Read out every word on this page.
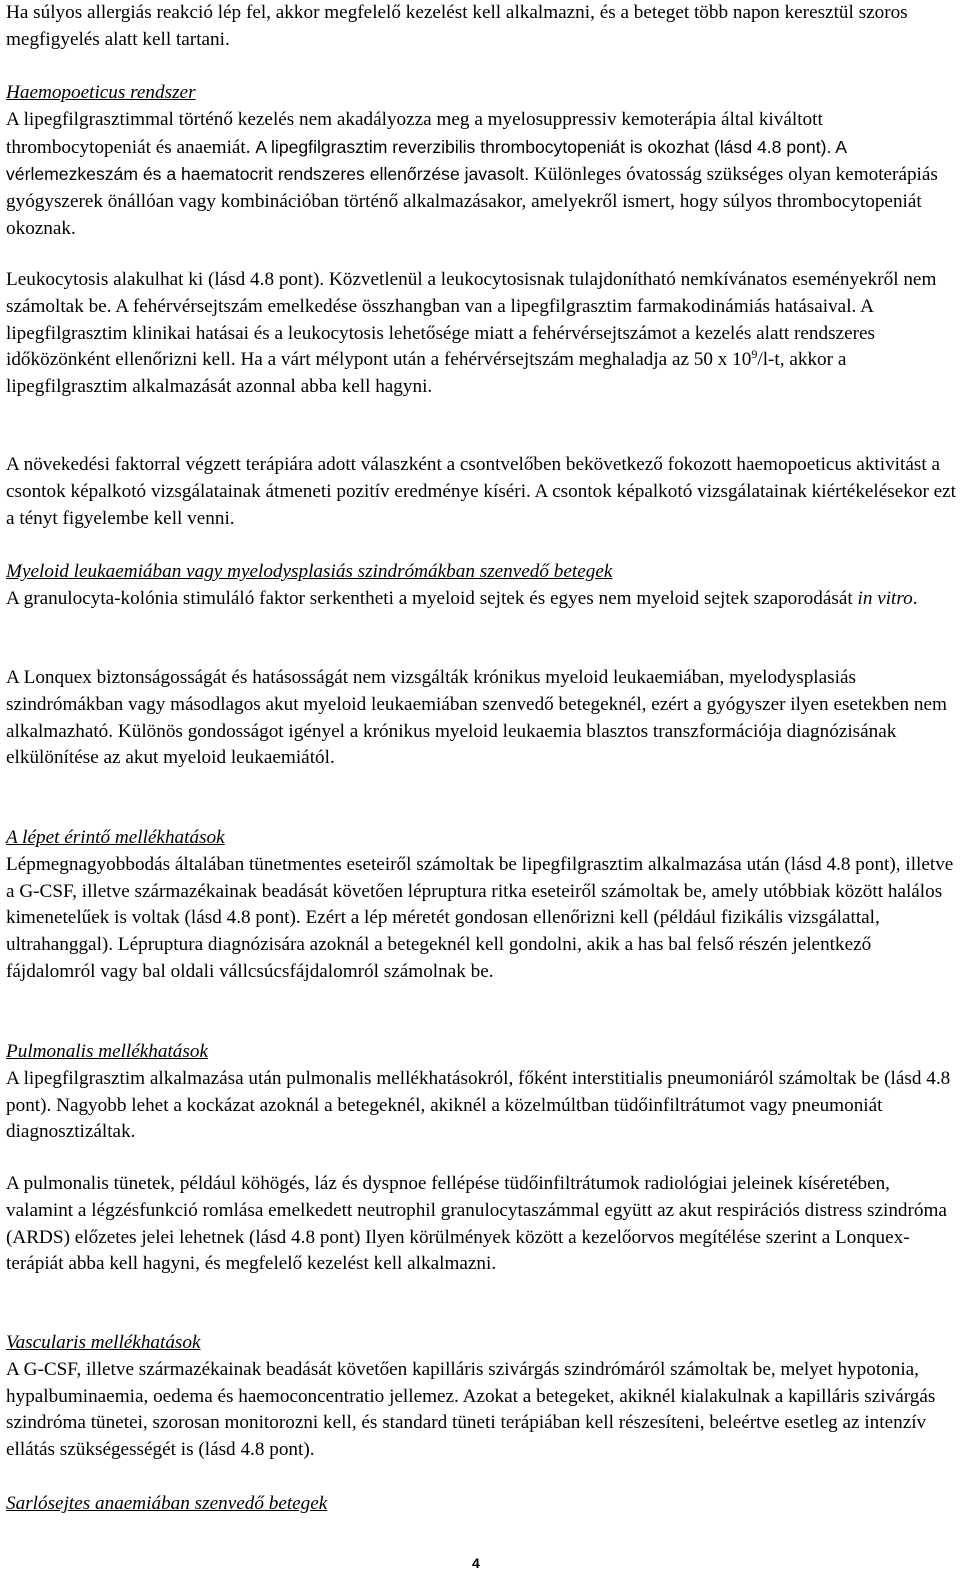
Ha súlyos allergiás reakció lép fel, akkor megfelelő kezelést kell alkalmazni, és a beteget több napon keresztül szoros megfigyelés alatt kell tartani.

Haemopoeticus rendszer
A lipegfilgrasztimmal történő kezelés nem akadályozza meg a myelosuppressiv kemoterápia által kiváltott thrombocytopeniát és anaemiát. A lipegfilgrasztim reverzibilis thrombocytopeniát is okozhat (lásd 4.8 pont). A vérlemezkeszám és a haematocrit rendszeres ellenőrzése javasolt. Különleges óvatosság szükséges olyan kemoterápiás gyógyszerek önállóan vagy kombinációban történő alkalmazásakor, amelyekről ismert, hogy súlyos thrombocytopeniát okoznak.

Leukocytosis alakulhat ki (lásd 4.8 pont). Közvetlenül a leukocytosisnak tulajdonítható nemkívánatos eseményekről nem számoltak be. A fehérvérsejtszám emelkedése összhangban van a lipegfilgrasztim farmakodinámiás hatásaival. A lipegfilgrasztim klinikai hatásai és a leukocytosis lehetősége miatt a fehérvérsejtszámot a kezelés alatt rendszeres időközönként ellenőrizni kell. Ha a várt mélypont után a fehérvérsejtszám meghaladja az 50 x $10^9/l-t$, akkor a lipegfilgrasztim alkalmazását azonnal abba kell hagyni.

A növekedési faktorral végzett terápiára adott válaszként a csontvelőben bekövetkező fokozott haemopoeticus aktivitást a csontok képalkotó vizsgálatainak átmeneti pozitív eredménye kíséri. A csontok képalkotó vizsgálatainak kiértékelésekor ezt a tényt figyelembe kell venni.

Myeloid leukaemiában vagy myelodysplasiás szindrómákban szenvedő betegek
A granulocyta-kolónia stimuláló faktor serkentheti a myeloid sejtek és egyes nem myeloid sejtek szaporodását in vitro.

A Lonquex biztonságosságát és hatásosságát nem vizsgálták krónikus myeloid leukaemiában, myelodysplasiás szindrómákban vagy másodlagos akut myeloid leukaemiában szenvedő betegeknél, ezért a gyógyszer ilyen esetekben nem alkalmazható. Különös gondosságot igényel a krónikus myeloid leukaemia blasztos transzformációja diagnózisának elkülönítése az akut myeloid leukaemiától.

A lépet érintő mellékhatások
Lépmegnagyobbodás általában tünetmentes eseteiről számoltak be lipegfilgrasztim alkalmazása után (lásd 4.8 pont), illetve a G-CSF, illetve származékainak beadását követően lépruptura ritka eseteiről számoltak be, amely utóbbiak között halálos kimenetelűek is voltak (lásd 4.8 pont). Ezért a lép méretét gondosan ellenőrizni kell (például fizikális vizsgálattal, ultrahanggal). Lépruptura diagnózisára azoknál a betegeknél kell gondolni, akik a has bal felső részén jelentkező fájdalomról vagy bal oldali vállcsúcsfájdalomról számolnak be.
Pulmonalis mellékhatások
A lipegfilgrasztim alkalmazása után pulmonalis mellékhatásokról, főként interstitialis pneumoniáról számoltak be (lásd 4.8 pont). Nagyobb lehet a kockázat azoknál a betegeknél, akiknél a közelmúltban tüdőinfiltrátumot vagy pneumoniát diagnosztizáltak.

A pulmonalis tünetek, például köhögés, láz és dyspnoe fellépése tüdőinfiltrátumok radiológiai jeleinek kíséretében, valamint a légzésfunkció romlása emelkedett neutrophil granulocytaszámmal együtt az akut respirációs distress szindróma (ARDS) előzetes jelei lehetnek (lásd 4.8 pont) Ilyen körülmények között a kezelőorvos megítélése szerint a Lonquex-terápiát abba kell hagyni, és megfelelő kezelést kell alkalmazni.

Vascularis mellékhatások
A G-CSF, illetve származékainak beadását követően kapilláris szivárgás szindrómáról számoltak be, melyet hypotonia, hypalbuminaemia, oedema és haemoconcentratio jellemez. Azokat a betegeket, akiknél kialakulnak a kapilláris szivárgás szindróma tünetei, szorosan monitorozni kell, és standard tüneti terápiában kell részesíteni, beleértve esetleg az intenzív ellátás szükségességét is (lásd 4.8 pont).
Sarlósejtes anaemiában szenvedő betegek
4
